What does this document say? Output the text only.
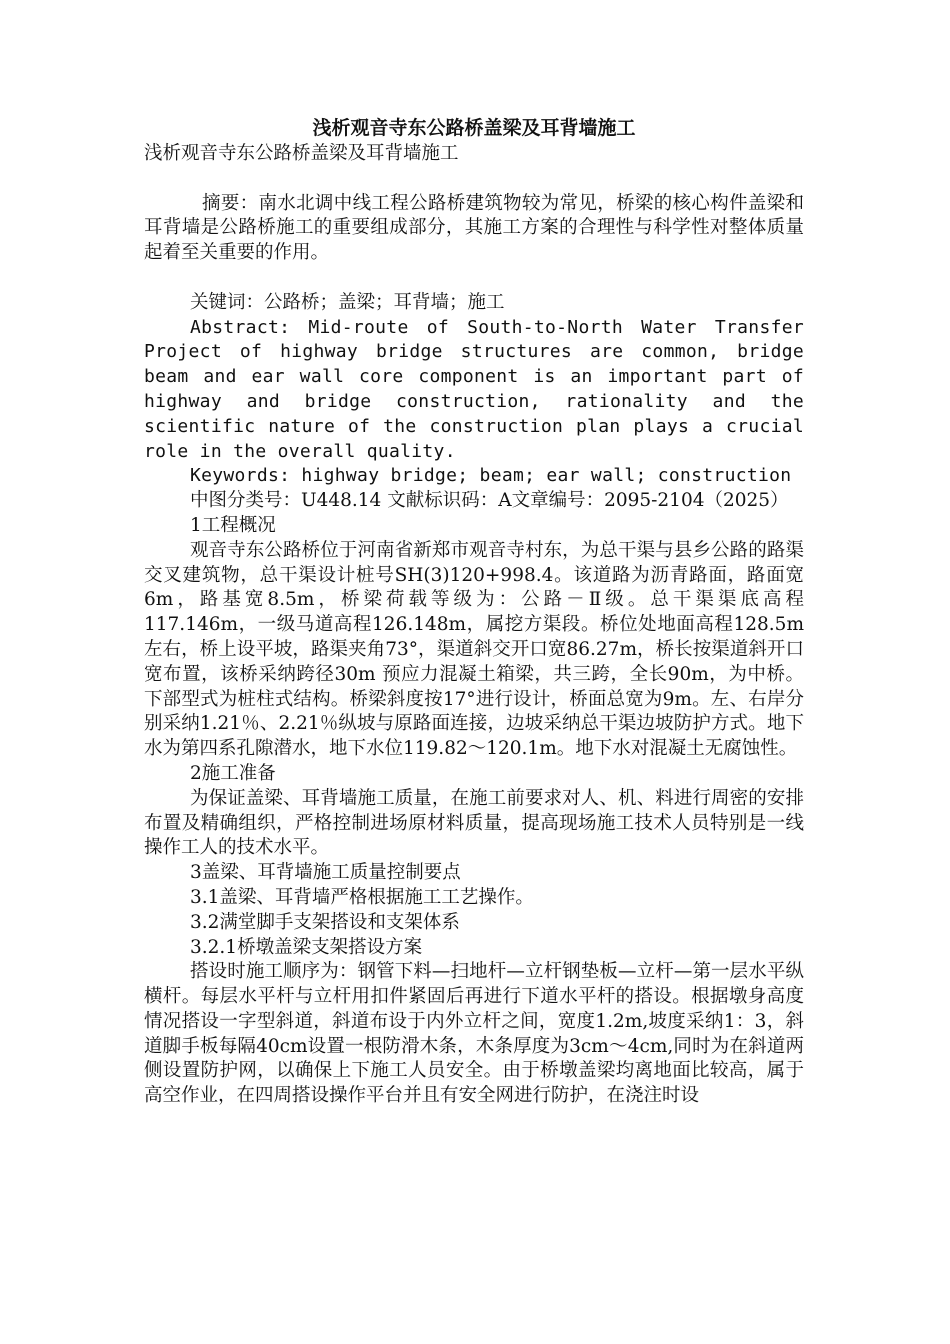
浅析观音寺东公路桥盖梁及耳背墙施工
浅析观音寺东公路桥盖梁及耳背墙施工

摘要：南水北调中线工程公路桥建筑物较为常见，桥梁的核心构件盖梁和耳背墙是公路桥施工的重要组成部分，其施工方案的合理性与科学性对整体质量起着至关重要的作用。

关键词：公路桥；盖梁；耳背墙；施工

Abstract: Mid-route of South-to-North Water Transfer Project of highway bridge structures are common, bridge beam and ear wall core component is an important part of highway and bridge construction, rationality and the scientific nature of the construction plan plays a crucial role in the overall quality.

Keywords: highway bridge; beam; ear wall; construction

中图分类号：U448.14 文献标识码：A文章编号：2095-2104（2025）

1工程概况

观音寺东公路桥位于河南省新郑市观音寺村东，为总干渠与县乡公路的路渠交叉建筑物，总干渠设计桩号SH(3)120+998.4。该道路为沥青路面，路面宽6m，路基宽8.5m，桥梁荷载等级为：公路－Ⅱ级。总干渠渠底高程117.146m，一级马道高程126.148m，属挖方渠段。桥位处地面高程128.5m左右，桥上设平坡，路渠夹角73°，渠道斜交开口宽86.27m，桥长按渠道斜开口宽布置，该桥采纳跨径30m 预应力混凝土箱梁，共三跨，全长90m，为中桥。下部型式为桩柱式结构。桥梁斜度按17°进行设计，桥面总宽为9m。左、右岸分别采纳1.21％、2.21％纵坡与原路面连接，边坡采纳总干渠边坡防护方式。地下水为第四系孔隙潜水，地下水位119.82～120.1m。地下水对混凝土无腐蚀性。

2施工准备

为保证盖梁、耳背墙施工质量，在施工前要求对人、机、料进行周密的安排布置及精确组织，严格控制进场原材料质量，提高现场施工技术人员特别是一线操作工人的技术水平。

3盖梁、耳背墙施工质量控制要点

3.1盖梁、耳背墙严格根据施工工艺操作。

3.2满堂脚手支架搭设和支架体系

3.2.1桥墩盖梁支架搭设方案

搭设时施工顺序为：钢管下料—扫地杆—立杆钢垫板—立杆—第一层水平纵横杆。每层水平杆与立杆用扣件紧固后再进行下道水平杆的搭设。根据墩身高度情况搭设一字型斜道，斜道布设于内外立杆之间，宽度1.2m,坡度采纳1：3，斜道脚手板每隔40cm设置一根防滑木条，木条厚度为3cm～4cm,同时为在斜道两侧设置防护网，以确保上下施工人员安全。由于桥墩盖梁均离地面比较高，属于高空作业，在四周搭设操作平台并且有安全网进行防护，在浇注时设
